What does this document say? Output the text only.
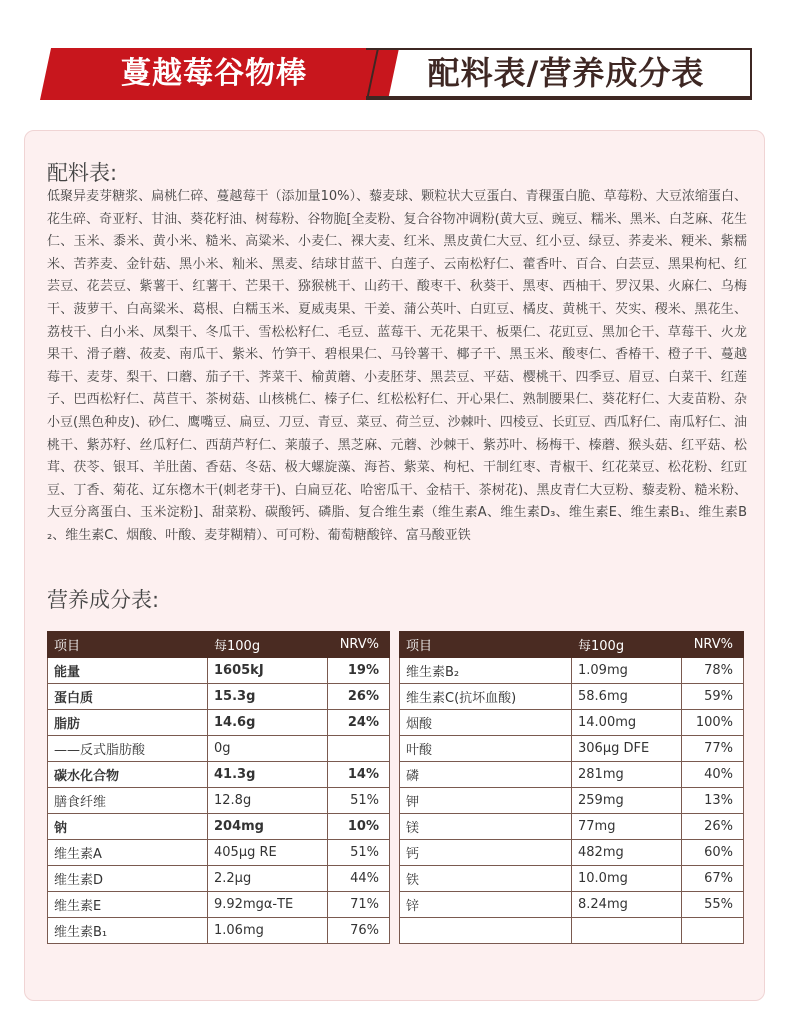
蔓越莓谷物棒	配料表/营养成分表
配料表:
低聚异麦芽糖浆、扁桃仁碎、蔓越莓干（添加量10%）、藜麦球、颗粒状大豆蛋白、青稞蛋白脆、草莓粉、大豆浓缩蛋白、花生碎、奇亚籽、甘油、葵花籽油、树莓粉、谷物脆[全麦粉、复合谷物冲调粉(黄大豆、豌豆、糯米、黑米、白芝麻、花生仁、玉米、黍米、黄小米、糙米、高粱米、小麦仁、裸大麦、红米、黑皮黄仁大豆、红小豆、绿豆、荞麦米、粳米、紫糯米、苦荞麦、金针菇、黑小米、籼米、黑麦、结球甘蓝干、白莲子、云南松籽仁、藿香叶、百合、白芸豆、黑果枸杞、红芸豆、花芸豆、紫薯干、红薯干、芒果干、猕猴桃干、山药干、酸枣干、秋葵干、黑枣、西柚干、罗汉果、火麻仁、乌梅干、菠萝干、白高粱米、葛根、白糯玉米、夏威夷果、干姜、蒲公英叶、白豇豆、橘皮、黄桃干、芡实、稷米、黑花生、荔枝干、白小米、凤梨干、冬瓜干、雪松松籽仁、毛豆、蓝莓干、无花果干、板栗仁、花豇豆、黑加仑干、草莓干、火龙果干、滑子蘑、莜麦、南瓜干、紫米、竹笋干、碧根果仁、马铃薯干、椰子干、黑玉米、酸枣仁、香椿干、橙子干、蔓越莓干、麦芽、梨干、口蘑、茄子干、荠菜干、榆黄蘑、小麦胚芽、黑芸豆、平菇、樱桃干、四季豆、眉豆、白菜干、红莲子、巴西松籽仁、莴苣干、茶树菇、山核桃仁、榛子仁、红松松籽仁、开心果仁、熟制腰果仁、葵花籽仁、大麦苗粉、杂小豆(黑色种皮)、砂仁、鹰嘴豆、扁豆、刀豆、青豆、菜豆、荷兰豆、沙棘叶、四棱豆、长豇豆、西瓜籽仁、南瓜籽仁、油桃干、紫苏籽、丝瓜籽仁、西葫芦籽仁、莱菔子、黑芝麻、元蘑、沙棘干、紫苏叶、杨梅干、榛蘑、猴头菇、红平菇、松茸、茯苓、银耳、羊肚菌、香菇、冬菇、极大螺旋藻、海苔、紫菜、枸杞、干制红枣、青椒干、红花菜豆、松花粉、红豇豆、丁香、菊花、辽东楤木干(刺老芽干)、白扁豆花、哈密瓜干、金桔干、茶树花)、黑皮青仁大豆粉、藜麦粉、糙米粉、大豆分离蛋白、玉米淀粉]、甜菜粉、碳酸钙、磷脂、复合维生素（维生素A、维生素D₃、维生素E、维生素B₁、维生素B₂、维生素C、烟酸、叶酸、麦芽糊精）、可可粉、葡萄糖酸锌、富马酸亚铁
营养成分表:
项目	每100g	NRV%
能量	1605kJ	19%
蛋白质	15.3g	26%
脂肪	14.6g	24%
——反式脂肪酸	0g	
碳水化合物	41.3g	14%
膳食纤维	12.8g	51%
钠	204mg	10%
维生素A	405μg RE	51%
维生素D	2.2μg	44%
维生素E	9.92mgα-TE	71%
维生素B₁	1.06mg	76%
项目	每100g	NRV%
维生素B₂	1.09mg	78%
维生素C(抗坏血酸)	58.6mg	59%
烟酸	14.00mg	100%
叶酸	306μg DFE	77%
磷	281mg	40%
钾	259mg	13%
镁	77mg	26%
钙	482mg	60%
铁	10.0mg	67%
锌	8.24mg	55%
